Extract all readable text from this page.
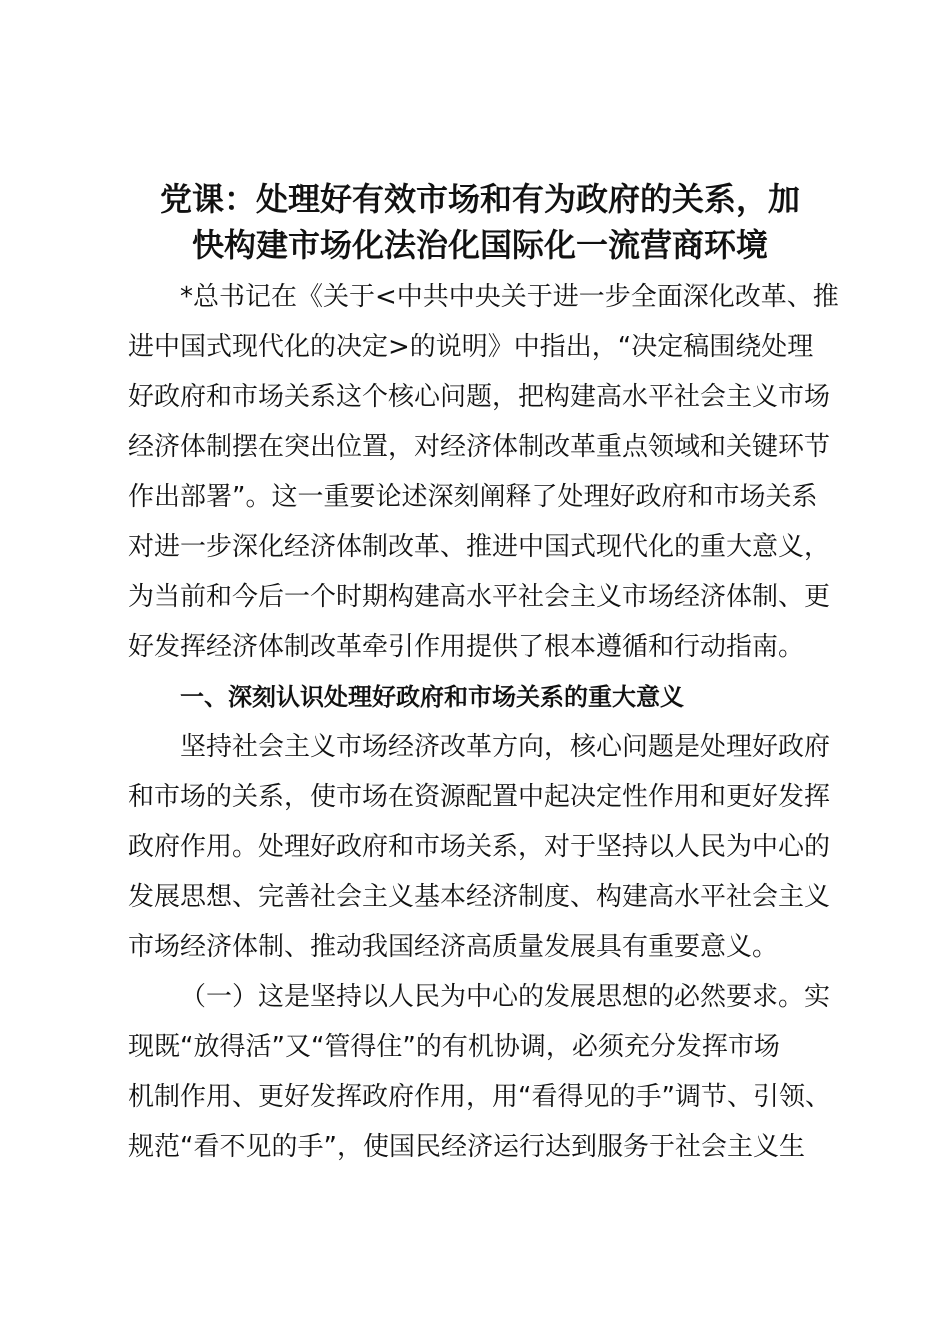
党课：处理好有效市场和有为政府的关系，加
快构建市场化法治化国际化一流营商环境

*总书记在《关于<中共中央关于进一步全面深化改革、推
进中国式现代化的决定>的说明》中指出，“决定稿围绕处理
好政府和市场关系这个核心问题，把构建高水平社会主义市场
经济体制摆在突出位置，对经济体制改革重点领域和关键环节
作出部署”。这一重要论述深刻阐释了处理好政府和市场关系
对进一步深化经济体制改革、推进中国式现代化的重大意义，
为当前和今后一个时期构建高水平社会主义市场经济体制、更
好发挥经济体制改革牵引作用提供了根本遵循和行动指南。

一、深刻认识处理好政府和市场关系的重大意义

坚持社会主义市场经济改革方向，核心问题是处理好政府
和市场的关系，使市场在资源配置中起决定性作用和更好发挥
政府作用。处理好政府和市场关系，对于坚持以人民为中心的
发展思想、完善社会主义基本经济制度、构建高水平社会主义
市场经济体制、推动我国经济高质量发展具有重要意义。

（一）这是坚持以人民为中心的发展思想的必然要求。实
现既“放得活”又“管得住”的有机协调，必须充分发挥市场
机制作用、更好发挥政府作用，用“看得见的手”调节、引领、
规范“看不见的手”，使国民经济运行达到服务于社会主义生
